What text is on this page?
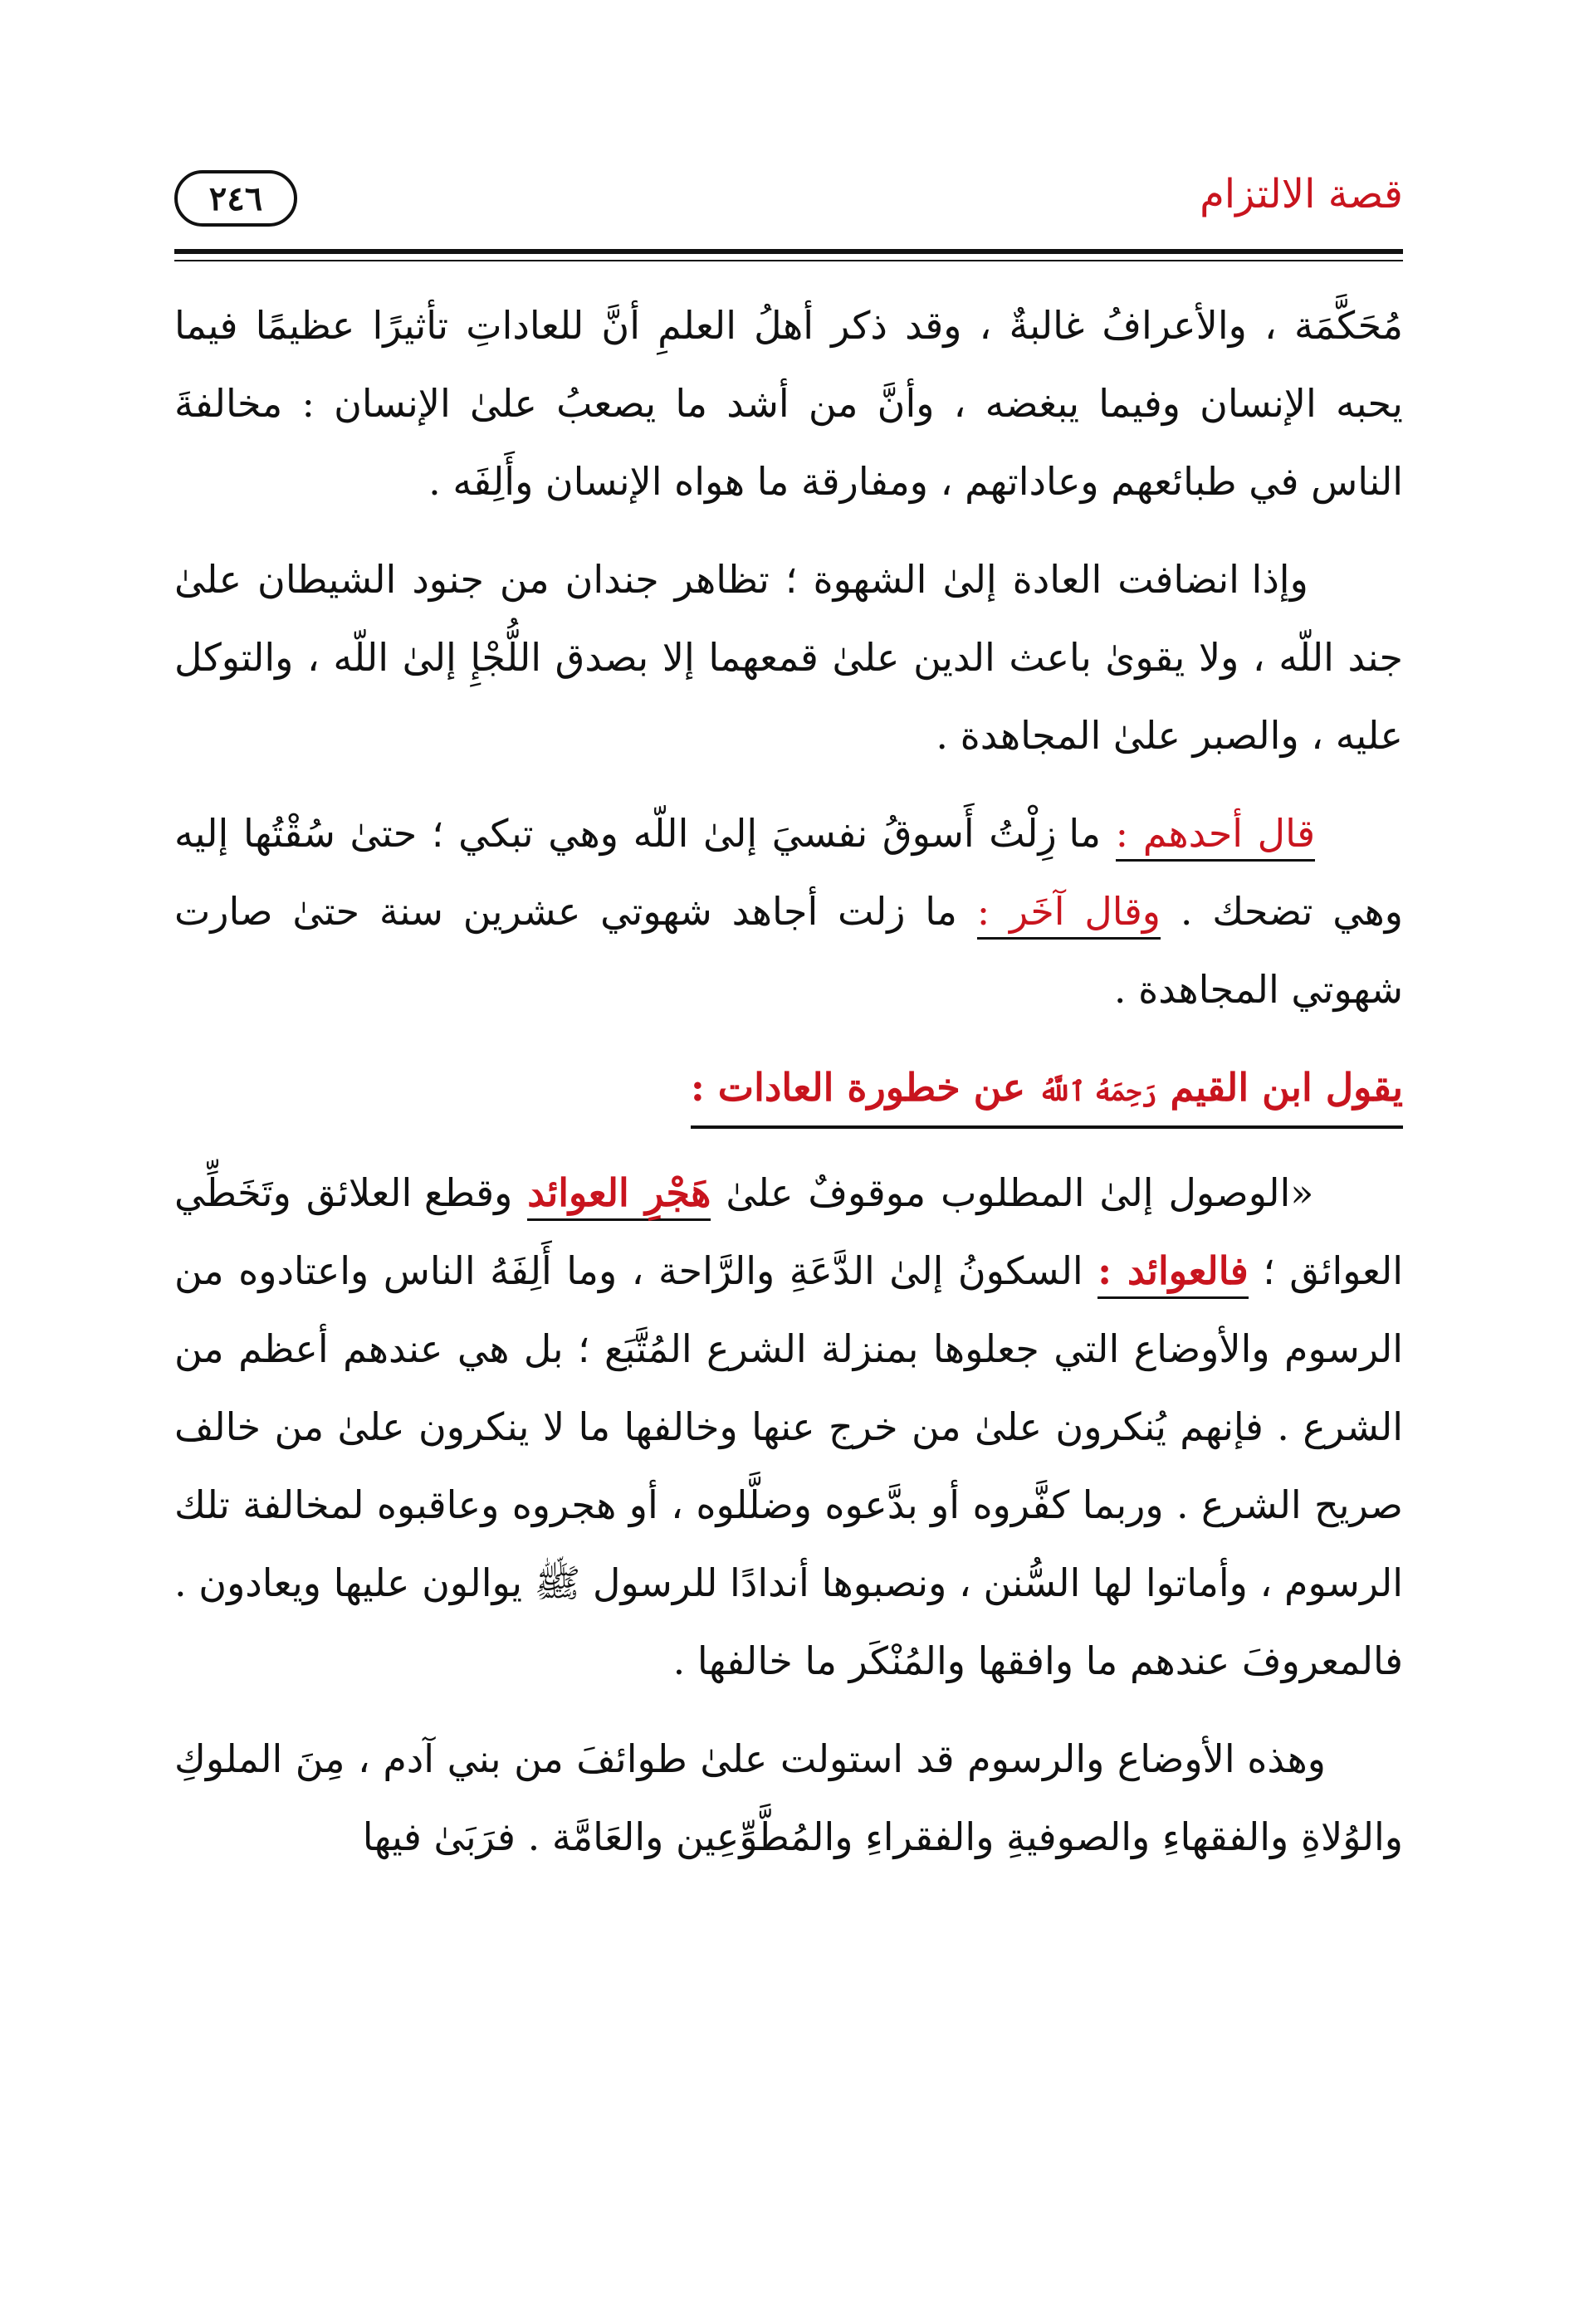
٢٤٦	قصة الالتزام

مُحَكَّمَة ، والأعرافُ غالبةٌ ، وقد ذكر أهلُ العلمِ أنَّ للعاداتِ تأثيرًا عظيمًا فيما يحبه الإنسان وفيما يبغضه ، وأنَّ من أشد ما يصعبُ علىٰ الإنسان : مخالفةَ الناس في طبائعهم وعاداتهم ، ومفارقة ما هواه الإنسان وأَلِفَه .

وإذا انضافت العادة إلىٰ الشهوة ؛ تظاهر جندان من جنود الشيطان علىٰ جند اللّه ، ولا يقوىٰ باعث الدين علىٰ قمعهما إلا بصدق اللُّجْإِ إلىٰ اللّه ، والتوكل عليه ، والصبر علىٰ المجاهدة .

قال أحدهم : ما زِلْتُ أَسوقُ نفسيَ إلىٰ اللّه وهي تبكي ؛ حتىٰ سُقْتُها إليه وهي تضحك . وقال آخَر : ما زلت أجاهد شهوتي عشرين سنة حتىٰ صارت شهوتي المجاهدة .

يقول ابن القيم رَحِمَهُ ٱللَّهُ عن خطورة العادات :

«الوصول إلىٰ المطلوب موقوفٌ علىٰ هَجْرِ العوائد وقطع العلائق وتَخَطِّي العوائق ؛ فالعوائد : السكونُ إلىٰ الدَّعَةِ والرَّاحة ، وما أَلِفَهُ الناس واعتادوه من الرسوم والأوضاع التي جعلوها بمنزلة الشرع المُتَّبَع ؛ بل هي عندهم أعظم من الشرع . فإنهم يُنكرون علىٰ من خرج عنها وخالفها ما لا ينكرون علىٰ من خالف صريح الشرع . وربما كفَّروه أو بدَّعوه وضلَّلوه ، أو هجروه وعاقبوه لمخالفة تلك الرسوم ، وأماتوا لها السُّنن ، ونصبوها أندادًا للرسول ﷺ يوالون عليها ويعادون . فالمعروفَ عندهم ما وافقها والمُنْكَر ما خالفها .

وهذه الأوضاع والرسوم قد استولت علىٰ طوائفَ من بني آدم ، مِنَ الملوكِ والوُلاةِ والفقهاءِ والصوفيةِ والفقراءِ والمُطَّوِّعِين والعَامَّة . فرَبَىٰ فيها
